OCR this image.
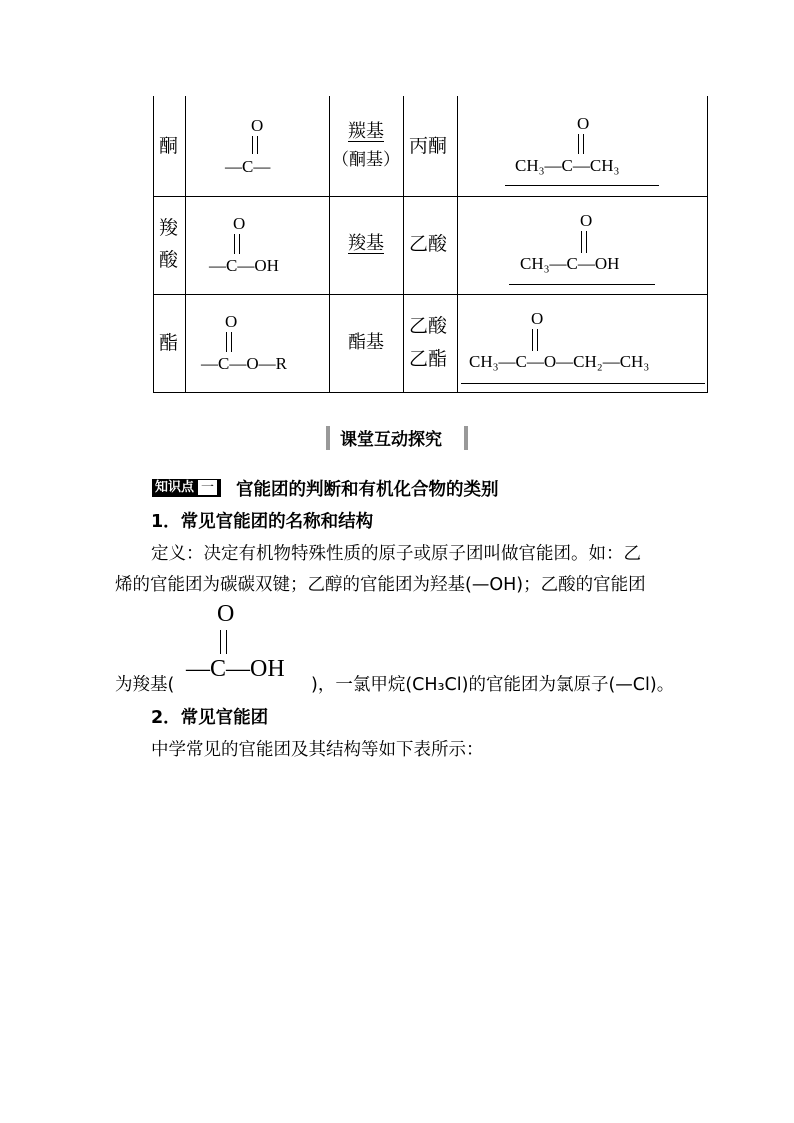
酮
O
—C—
羰基
（酮基）
丙酮
O
CH₃—C—CH₃
羧
酸
O
—C—OH
羧基	乙酸
O
CH₃—C—OH
酯
O
—C—O—R
酯基
乙酸
乙酯
O
CH₃—C—O—CH₂—CH₃
课堂互动探究
知识点 一	官能团的判断和有机化合物的类别
1．常见官能团的名称和结构
定义：决定有机物特殊性质的原子或原子团叫做官能团。如：乙
烯的官能团为碳碳双键；乙醇的官能团为羟基(—OH)；乙酸的官能团
为羧基(
O
—C—OH
)，一氯甲烷(CH₃Cl)的官能团为氯原子(—Cl)。
2．常见官能团
中学常见的官能团及其结构等如下表所示：
